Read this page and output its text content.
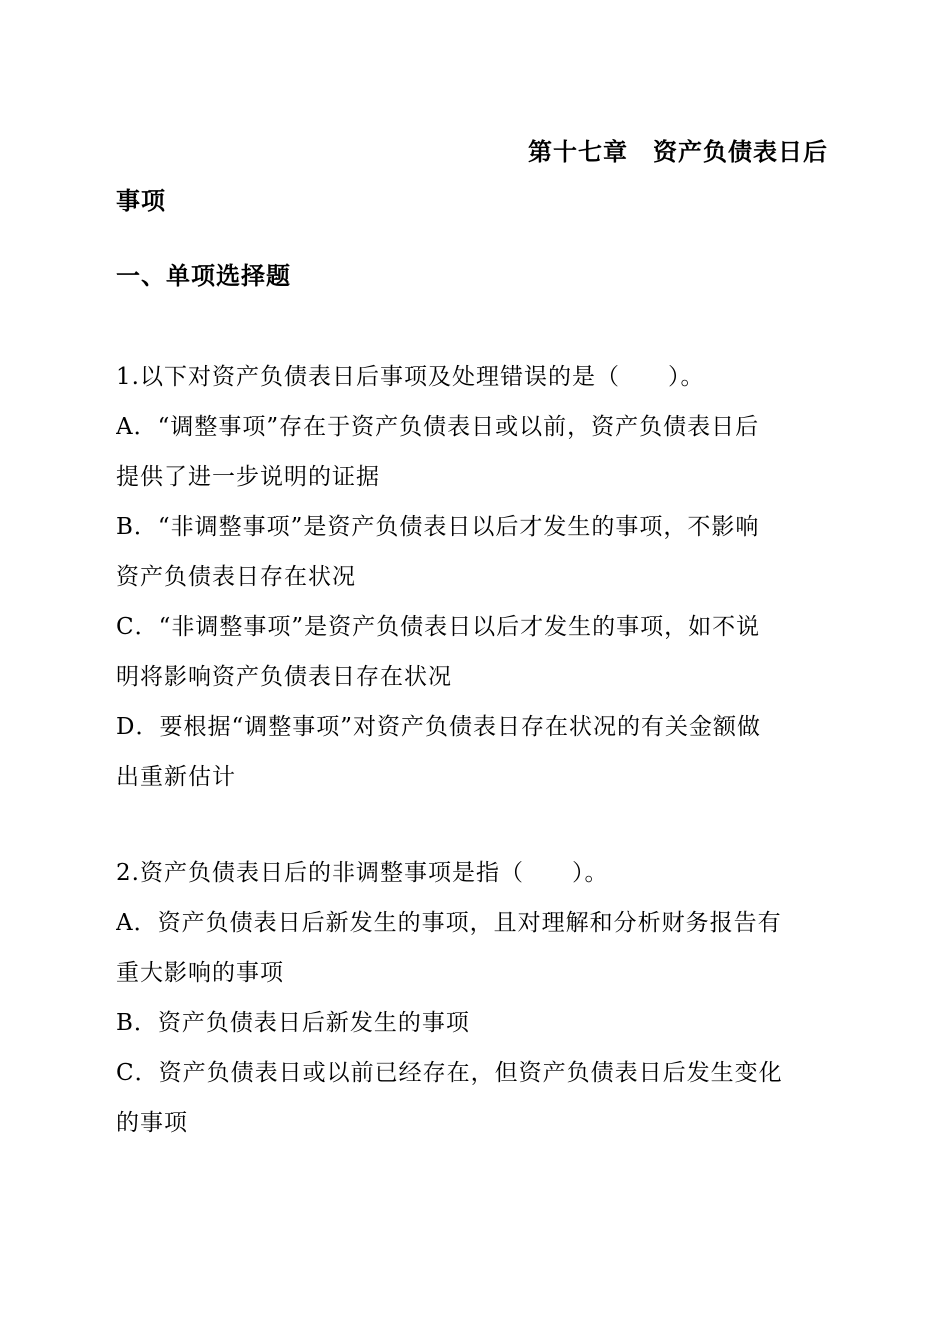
第十七章　资产负债表日后
事项
一、单项选择题
1.以下对资产负债表日后事项及处理错误的是（　　）。
A．“调整事项”存在于资产负债表日或以前，资产负债表日后
提供了进一步说明的证据
B．“非调整事项”是资产负债表日以后才发生的事项，不影响
资产负债表日存在状况
C．“非调整事项”是资产负债表日以后才发生的事项，如不说
明将影响资产负债表日存在状况
D．要根据“调整事项”对资产负债表日存在状况的有关金额做
出重新估计
2.资产负债表日后的非调整事项是指（　　）。
A．资产负债表日后新发生的事项，且对理解和分析财务报告有
重大影响的事项
B．资产负债表日后新发生的事项
C．资产负债表日或以前已经存在，但资产负债表日后发生变化
的事项
